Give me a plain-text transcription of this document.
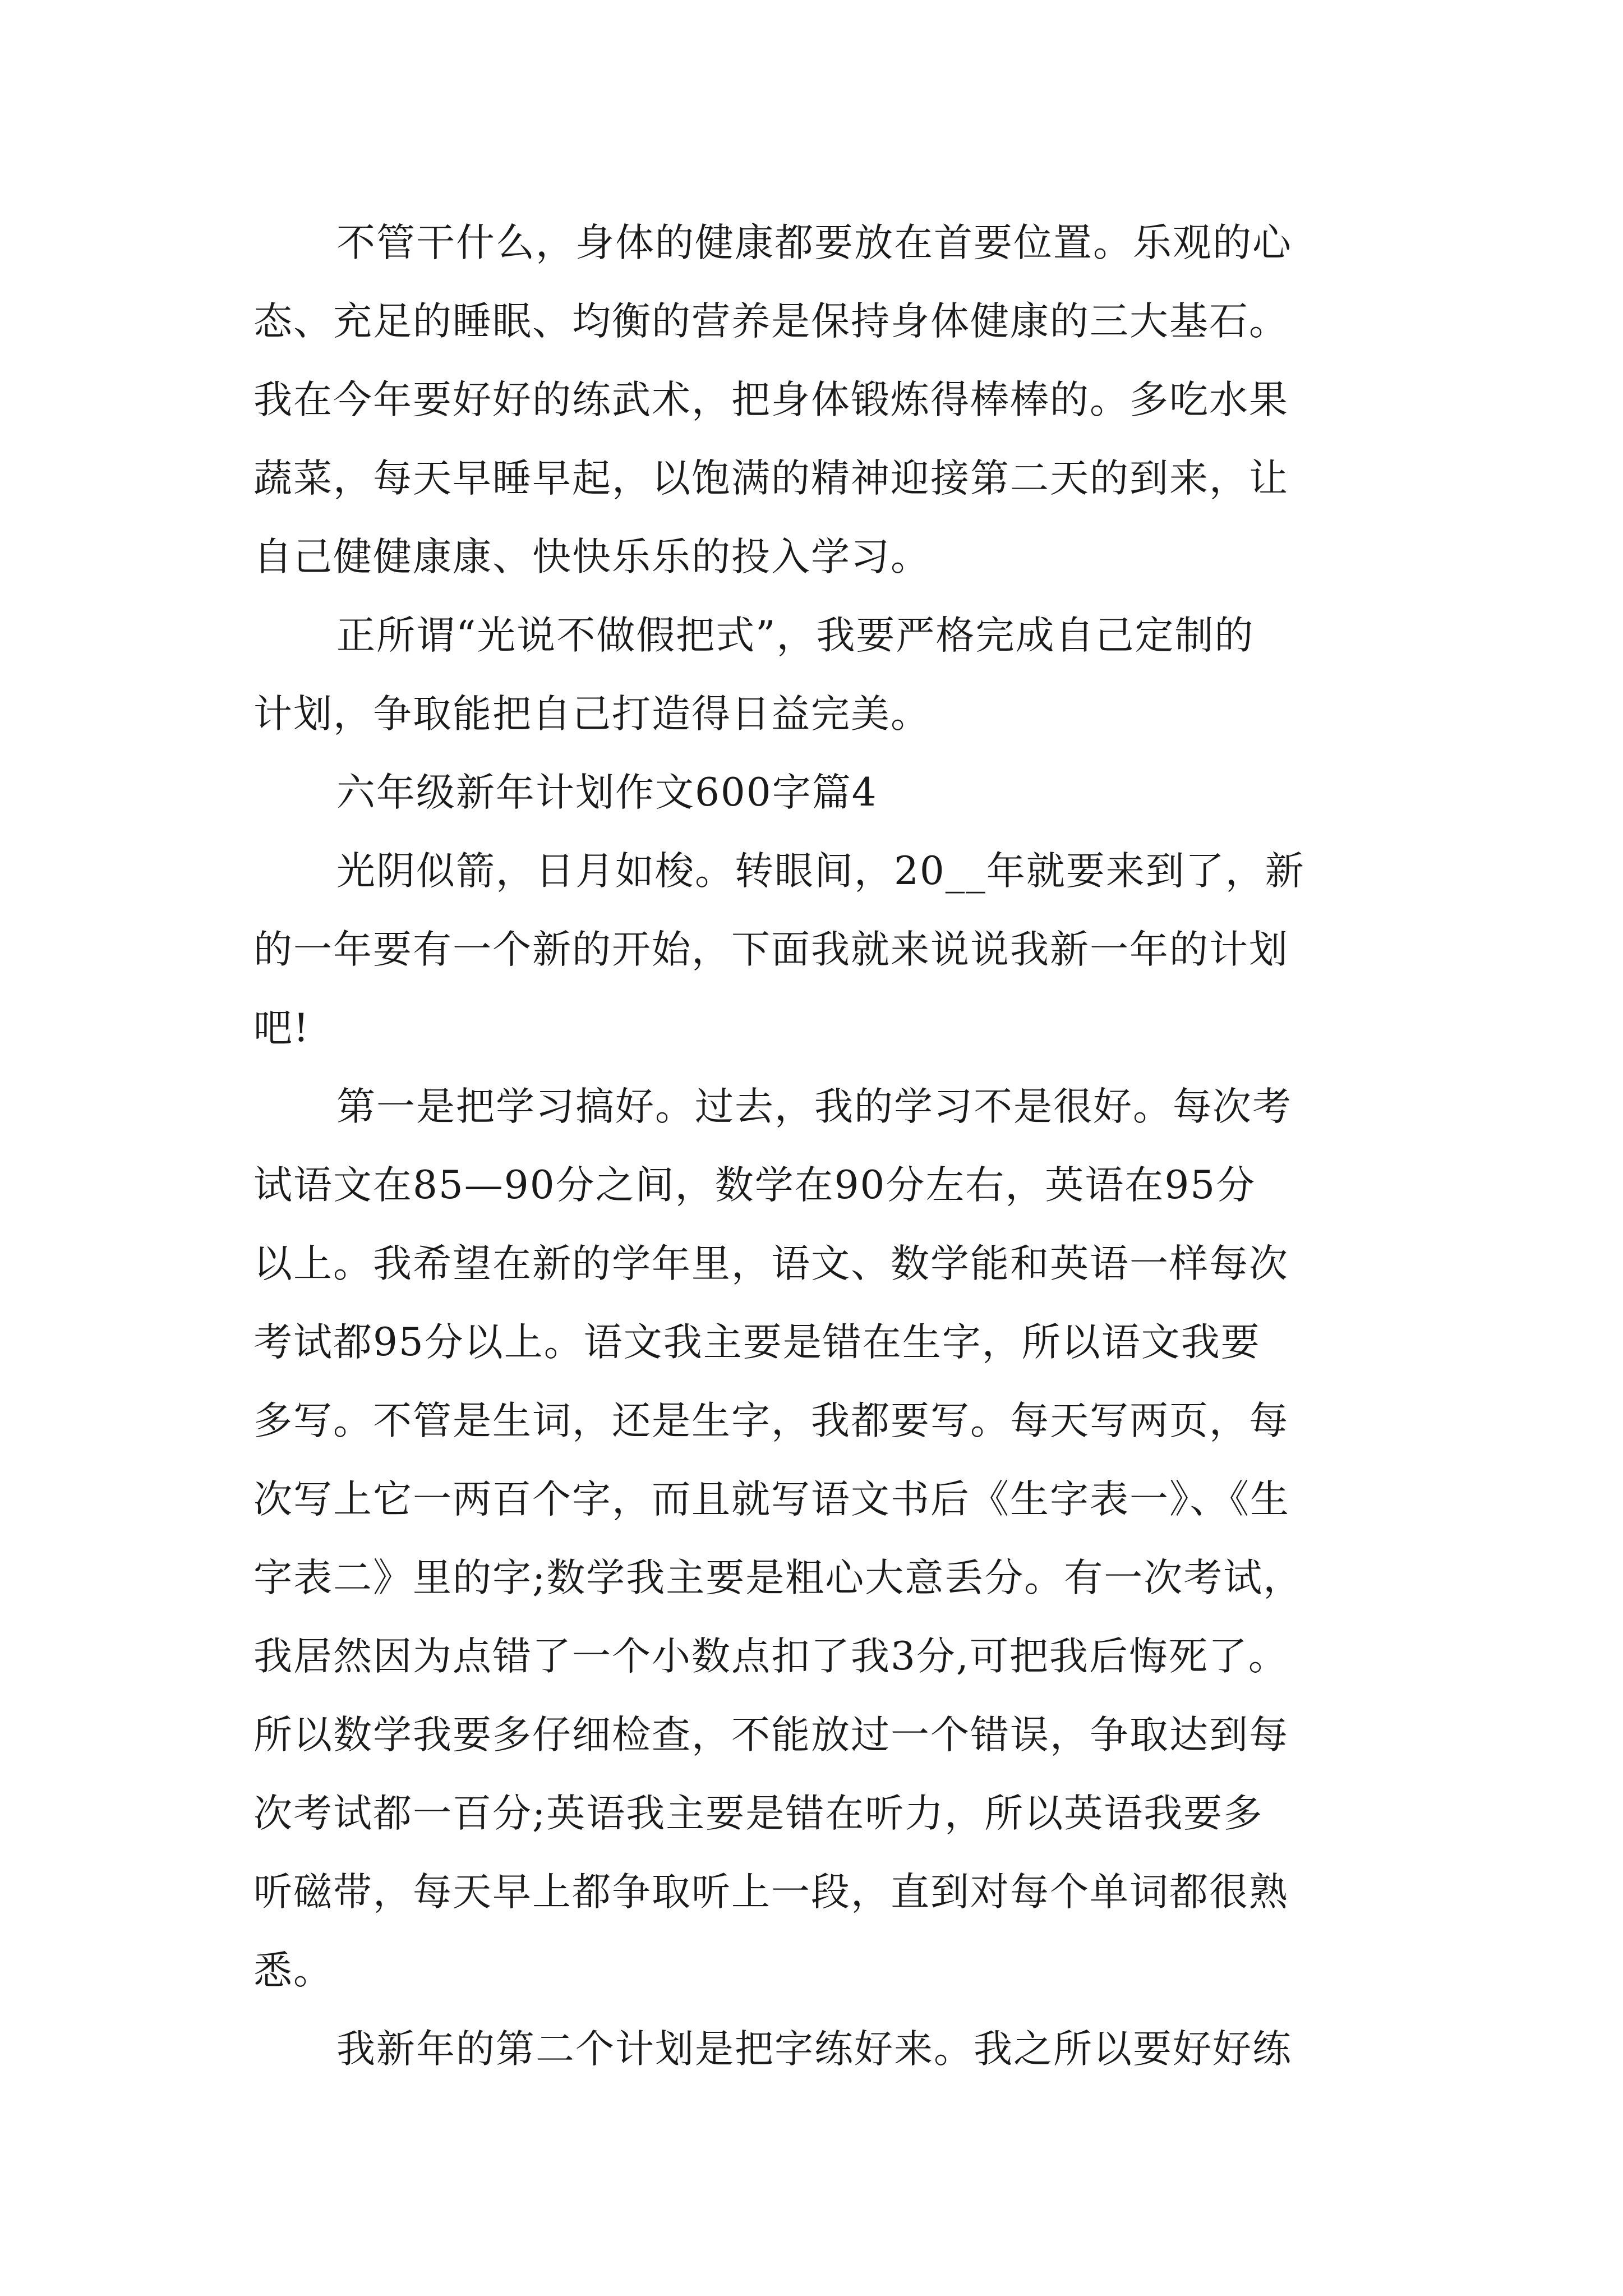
不管干什么，身体的健康都要放在首要位置。乐观的心
态、充足的睡眠、均衡的营养是保持身体健康的三大基石。
我在今年要好好的练武术，把身体锻炼得棒棒的。多吃水果
蔬菜，每天早睡早起，以饱满的精神迎接第二天的到来，让
自己健健康康、快快乐乐的投入学习。
正所谓“光说不做假把式”，我要严格完成自己定制的
计划，争取能把自己打造得日益完美。
六年级新年计划作文600字篇4
光阴似箭，日月如梭。转眼间，20__年就要来到了，新
的一年要有一个新的开始，下面我就来说说我新一年的计划
吧!
第一是把学习搞好。过去，我的学习不是很好。每次考
试语文在85—90分之间，数学在90分左右，英语在95分
以上。我希望在新的学年里，语文、数学能和英语一样每次
考试都95分以上。语文我主要是错在生字，所以语文我要
多写。不管是生词，还是生字，我都要写。每天写两页，每
次写上它一两百个字，而且就写语文书后《生字表一》、《生
字表二》里的字;数学我主要是粗心大意丢分。有一次考试，
我居然因为点错了一个小数点扣了我3分,可把我后悔死了。
所以数学我要多仔细检查，不能放过一个错误，争取达到每
次考试都一百分;英语我主要是错在听力，所以英语我要多
听磁带，每天早上都争取听上一段，直到对每个单词都很熟
悉。
我新年的第二个计划是把字练好来。我之所以要好好练
